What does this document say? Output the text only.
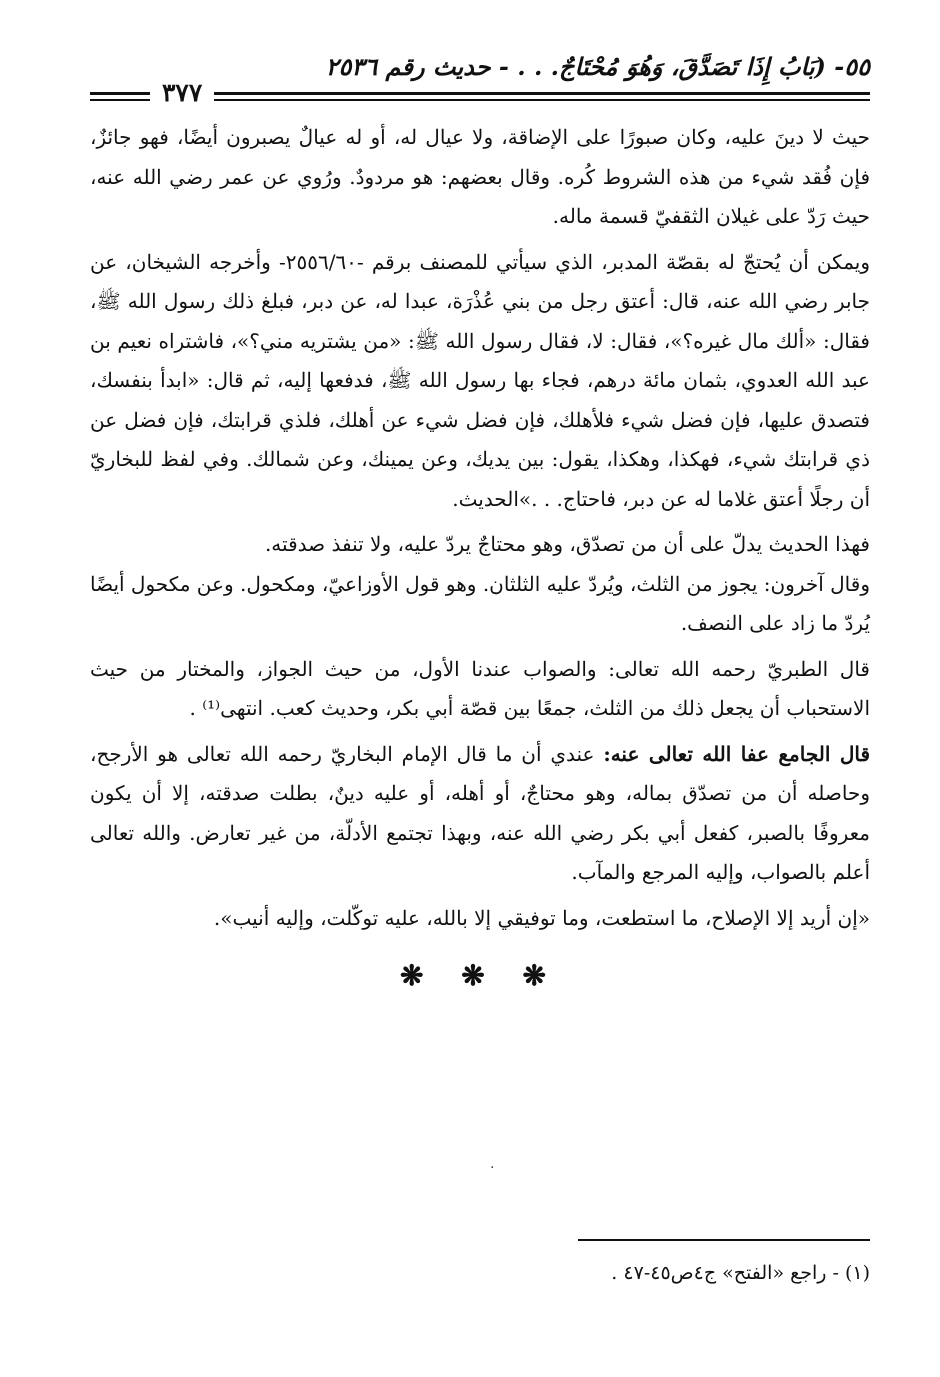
٥٥- (بَابُ إِذَا تَصَدَّقَ، وَهُوَ مُحْتَاجٌ. . . - حديث رقم ٢٥٣٦
٣٧٧

حيث لا دينَ عليه، وكان صبورًا على الإضاقة، ولا عيال له، أو له عيالٌ يصبرون أيضًا، فهو جائزٌ، فإن فُقد شيء من هذه الشروط كُره. وقال بعضهم: هو مردودٌ. ورُوي عن عمر رضي الله عنه، حيث رَدّ على غيلان الثقفيّ قسمة ماله.

ويمكن أن يُحتجّ له بقصّة المدبر، الذي سيأتي للمصنف برقم -٢٥٥٦/٦٠- وأخرجه الشيخان، عن جابر رضي الله عنه، قال: أعتق رجل من بني عُذْرَة، عبدا له، عن دبر، فبلغ ذلك رسول الله ﷺ، فقال: «ألك مال غيره؟»، فقال: لا، فقال رسول الله ﷺ: «من يشتريه مني؟»، فاشتراه نعيم بن عبد الله العدوي، بثمان مائة درهم، فجاء بها رسول الله ﷺ، فدفعها إليه، ثم قال: «ابدأ بنفسك، فتصدق عليها، فإن فضل شيء فلأهلك، فإن فضل شيء عن أهلك، فلذي قرابتك، فإن فضل عن ذي قرابتك شيء، فهكذا، وهكذا، يقول: بين يديك، وعن يمينك، وعن شمالك. وفي لفظ للبخاريّ أن رجلًا أعتق غلاما له عن دبر، فاحتاج. . .»الحديث.

فهذا الحديث يدلّ على أن من تصدّق، وهو محتاجٌ يردّ عليه، ولا تنفذ صدقته.

وقال آخرون: يجوز من الثلث، ويُردّ عليه الثلثان. وهو قول الأوزاعيّ، ومكحول. وعن مكحول أيضًا يُردّ ما زاد على النصف.

قال الطبريّ رحمه الله تعالى: والصواب عندنا الأول، من حيث الجواز، والمختار من حيث الاستحباب أن يجعل ذلك من الثلث، جمعًا بين قصّة أبي بكر، وحديث كعب. انتهى⁽¹⁾ .

قال الجامع عفا الله تعالى عنه: عندي أن ما قال الإمام البخاريّ رحمه الله تعالى هو الأرجح، وحاصله أن من تصدّق بماله، وهو محتاجٌ، أو أهله، أو عليه دينٌ، بطلت صدقته، إلا أن يكون معروفًا بالصبر، كفعل أبي بكر رضي الله عنه، وبهذا تجتمع الأدلّة، من غير تعارض. والله تعالى أعلم بالصواب، وإليه المرجع والمآب.

«إن أريد إلا الإصلاح، ما استطعت، وما توفيقي إلا بالله، عليه توكّلت، وإليه أنيب».

❋ ❋ ❋
·
(١) - راجع «الفتح» ج٤ص٤٥-٤٧ .
